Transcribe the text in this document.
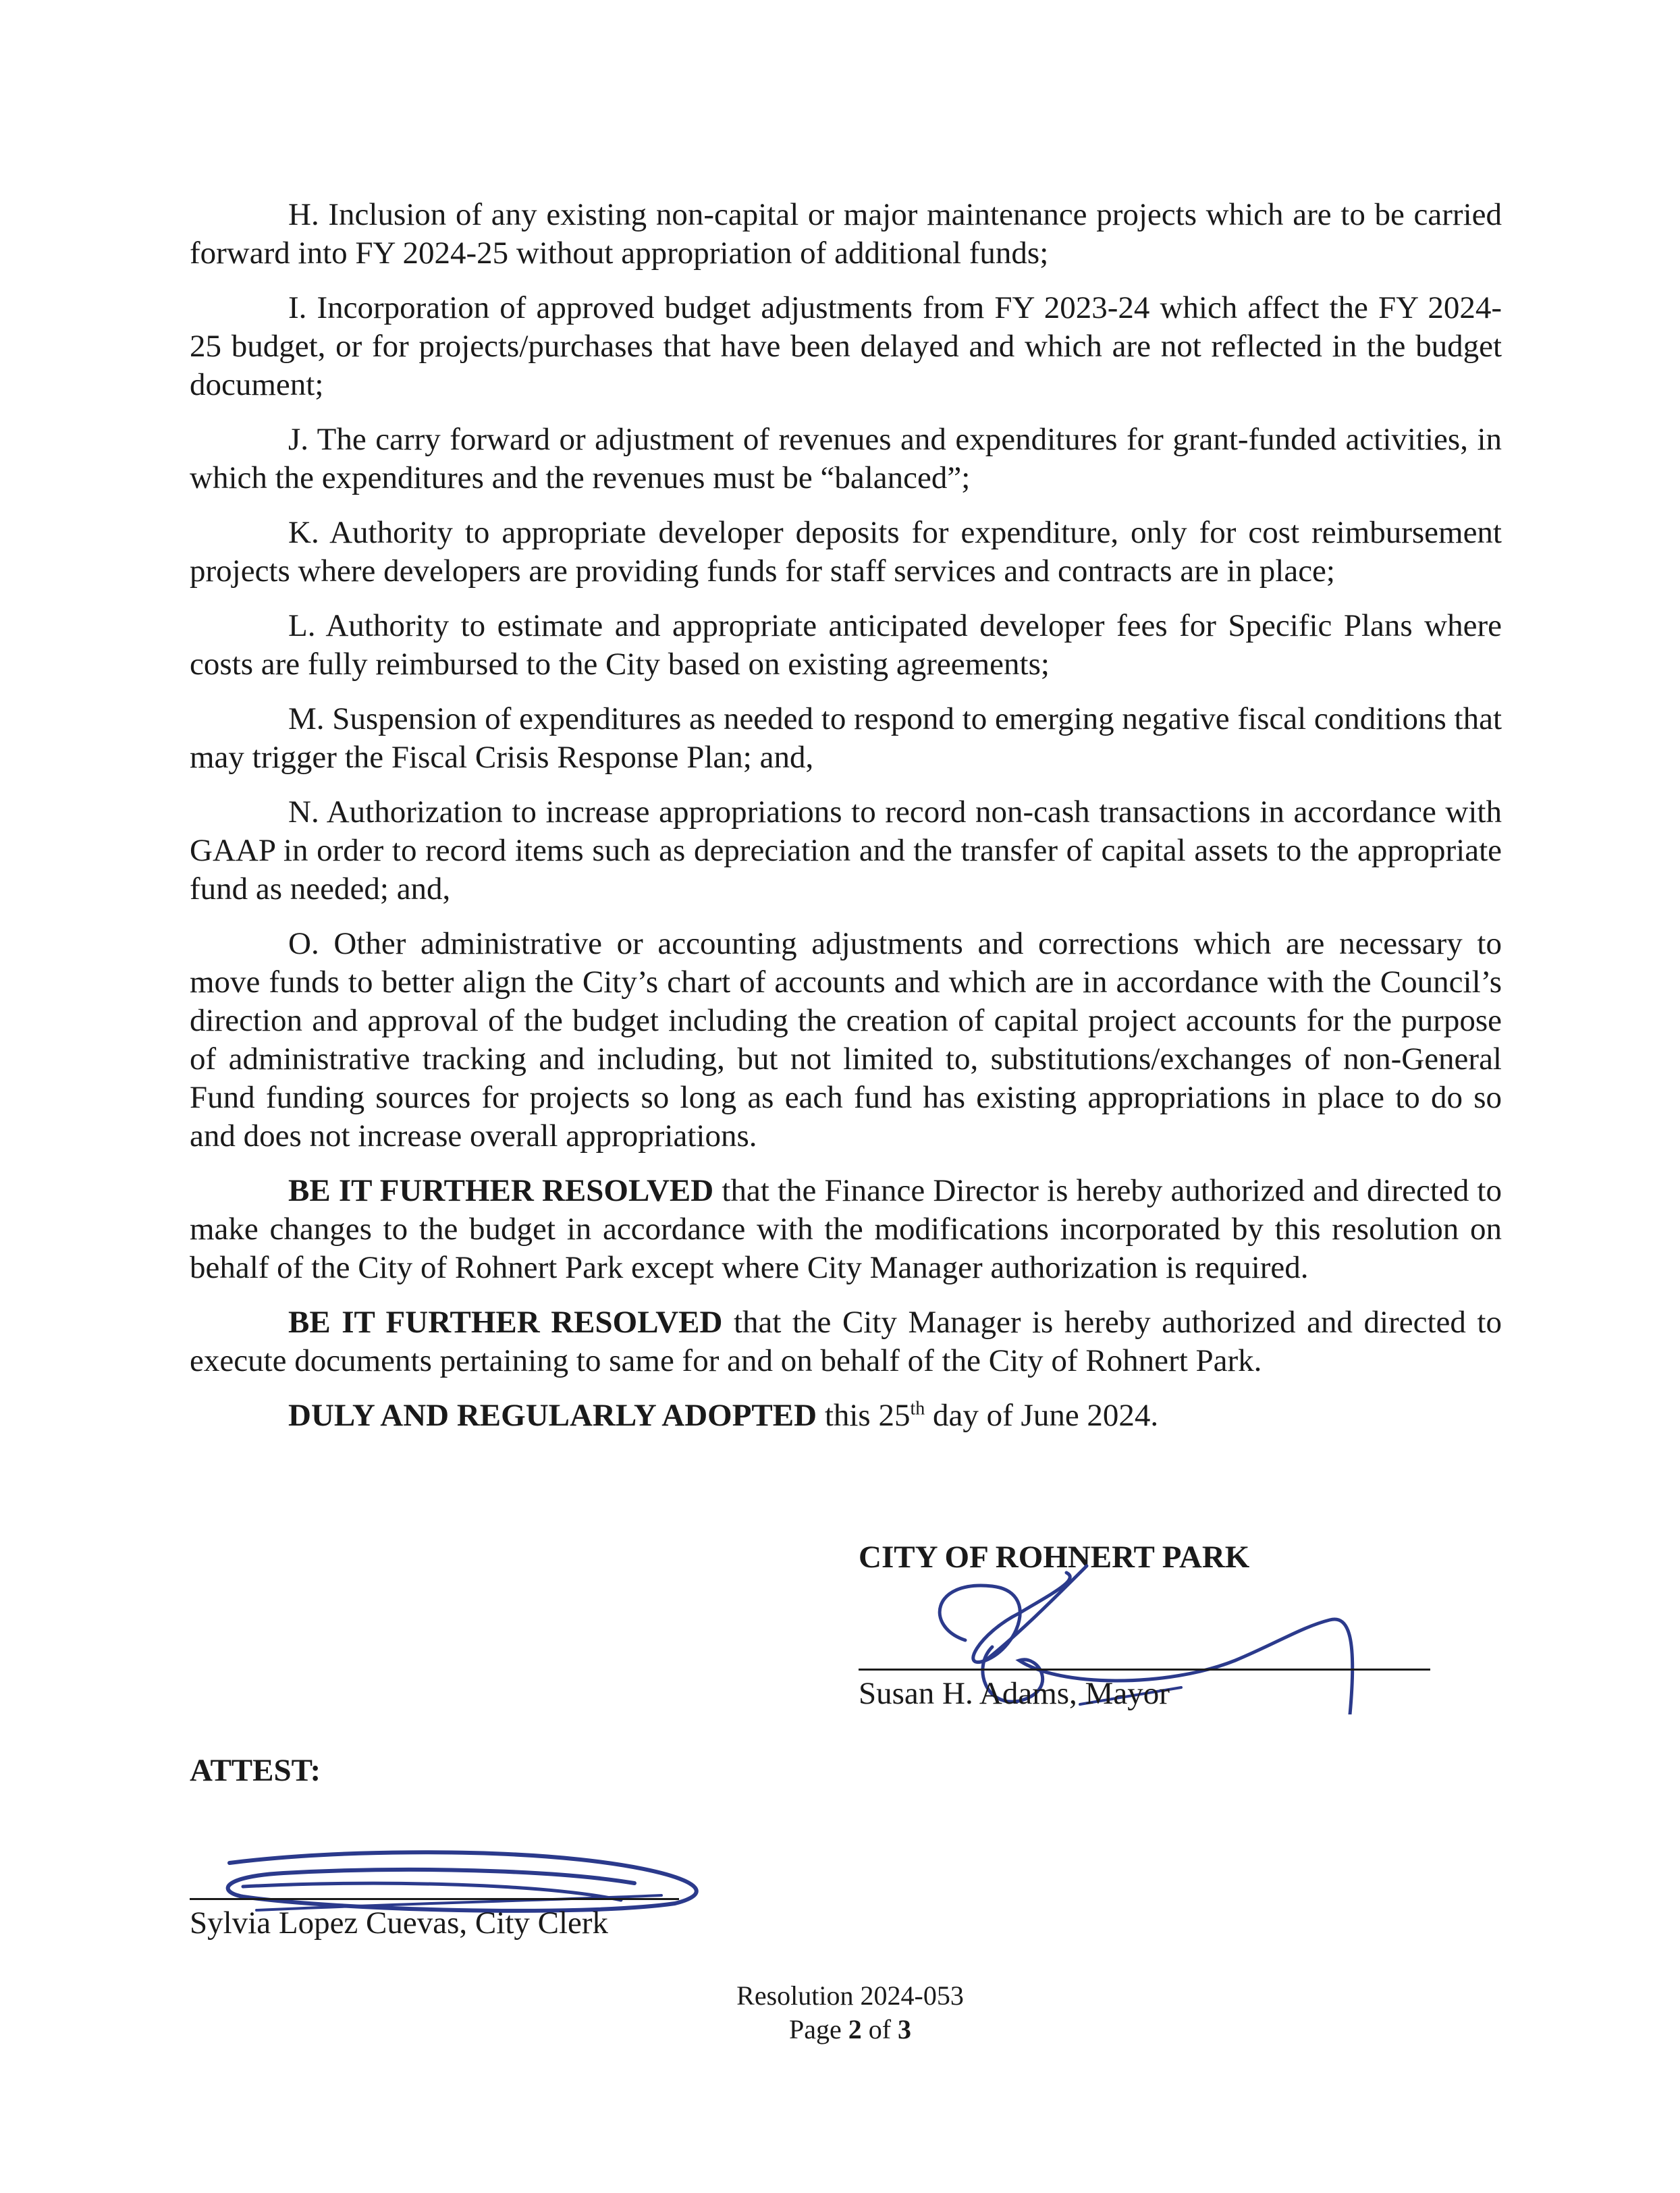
H. Inclusion of any existing non-capital or major maintenance projects which are to be carried forward into FY 2024-25 without appropriation of additional funds;

I. Incorporation of approved budget adjustments from FY 2023-24 which affect the FY 2024-25 budget, or for projects/purchases that have been delayed and which are not reflected in the budget document;

J. The carry forward or adjustment of revenues and expenditures for grant-funded activities, in which the expenditures and the revenues must be “balanced”;

K. Authority to appropriate developer deposits for expenditure, only for cost reimbursement projects where developers are providing funds for staff services and contracts are in place;

L. Authority to estimate and appropriate anticipated developer fees for Specific Plans where costs are fully reimbursed to the City based on existing agreements;

M. Suspension of expenditures as needed to respond to emerging negative fiscal conditions that may trigger the Fiscal Crisis Response Plan; and,

N. Authorization to increase appropriations to record non-cash transactions in accordance with GAAP in order to record items such as depreciation and the transfer of capital assets to the appropriate fund as needed; and,

O. Other administrative or accounting adjustments and corrections which are necessary to move funds to better align the City’s chart of accounts and which are in accordance with the Council’s direction and approval of the budget including the creation of capital project accounts for the purpose of administrative tracking and including, but not limited to, substitutions/exchanges of non-General Fund funding sources for projects so long as each fund has existing appropriations in place to do so and does not increase overall appropriations.

BE IT FURTHER RESOLVED that the Finance Director is hereby authorized and directed to make changes to the budget in accordance with the modifications incorporated by this resolution on behalf of the City of Rohnert Park except where City Manager authorization is required.

BE IT FURTHER RESOLVED that the City Manager is hereby authorized and directed to execute documents pertaining to same for and on behalf of the City of Rohnert Park.

DULY AND REGULARLY ADOPTED this 25th day of June 2024.

CITY OF ROHNERT PARK
Susan H. Adams, Mayor
ATTEST:
Sylvia Lopez Cuevas, City Clerk
Resolution 2024-053
Page 2 of 3
